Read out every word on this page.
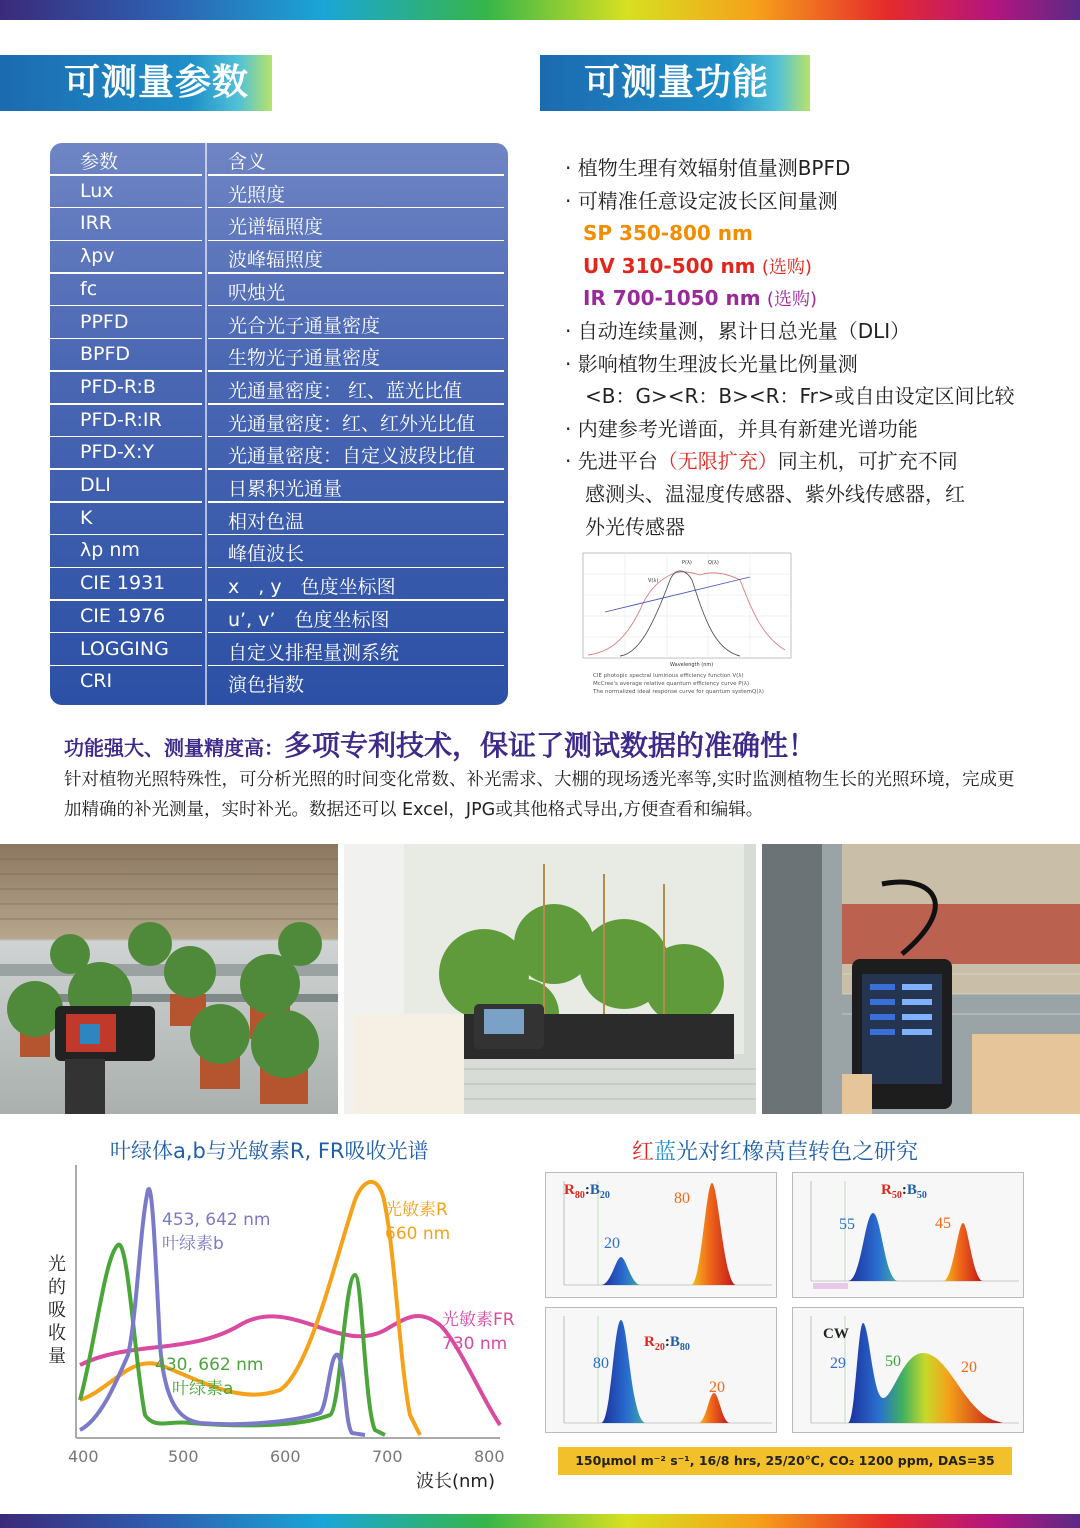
可测量参数	可测量功能
参数	含义
Lux	光照度
IRR	光谱辐照度
λpv	波峰辐照度
fc	呎烛光
PPFD	光合光子通量密度
BPFD	生物光子通量密度
PFD-R:B	光通量密度： 红、蓝光比值
PFD-R:IR	光通量密度：红、红外光比值
PFD-X:Y	光通量密度：自定义波段比值
DLI	日累积光通量
K	相对色温
λp nm	峰值波长
CIE 1931	x　, y　色度坐标图
CIE 1976	u’, v’　色度坐标图
LOGGING	自定义排程量测系统
CRI	演色指数
· 植物生理有效辐射值量测BPFD
· 可精准任意设定波长区间量测
SP 350-800 nm
UV 310-500 nm (选购)
IR 700-1050 nm (选购)
· 自动连续量测，累计日总光量（DLI）
· 影响植物生理波长光量比例量测
<B：G><R：B><R：Fr>或自由设定区间比较
· 内建参考光谱面，并具有新建光谱功能
· 先进平台（无限扩充）同主机，可扩充不同
感测头、温湿度传感器、紫外线传感器，红
外光传感器
V(λ)
P(λ)	Q(λ)
Wavelength (nm)
CIE photopic spectral luminous efficiency function V(λ)
McCree's average relative quantum efficiency curve P(λ)
The normalized ideal response curve for quantum systemQ(λ)
功能强大、测量精度高：多项专利技术，保证了测试数据的准确性！
针对植物光照特殊性，可分析光照的时间变化常数、补光需求、大棚的现场透光率等,实时监测植物生长的光照环境，完成更加精确的补光测量，实时补光。数据还可以 Excel，JPG或其他格式导出,方便查看和编辑。
叶绿体a,b与光敏素R, FR吸收光谱
光
的
吸
收
量
400	500	600	700	800
波长(nm)
453, 642 nm
叶绿素b
430, 662 nm
叶绿素a
光敏素R
660 nm
光敏素FR
730 nm
红蓝光对红橡莴苣转色之研究
$R_{80}:B_{20}$
20
80	$R_{50}:B_{50}$
55	45
$R_{20}:B_{80}$
80
20
CW
29 50	20
150μmol m⁻² s⁻¹, 16/8 hrs, 25/20℃, CO₂ 1200 ppm, DAS=35
